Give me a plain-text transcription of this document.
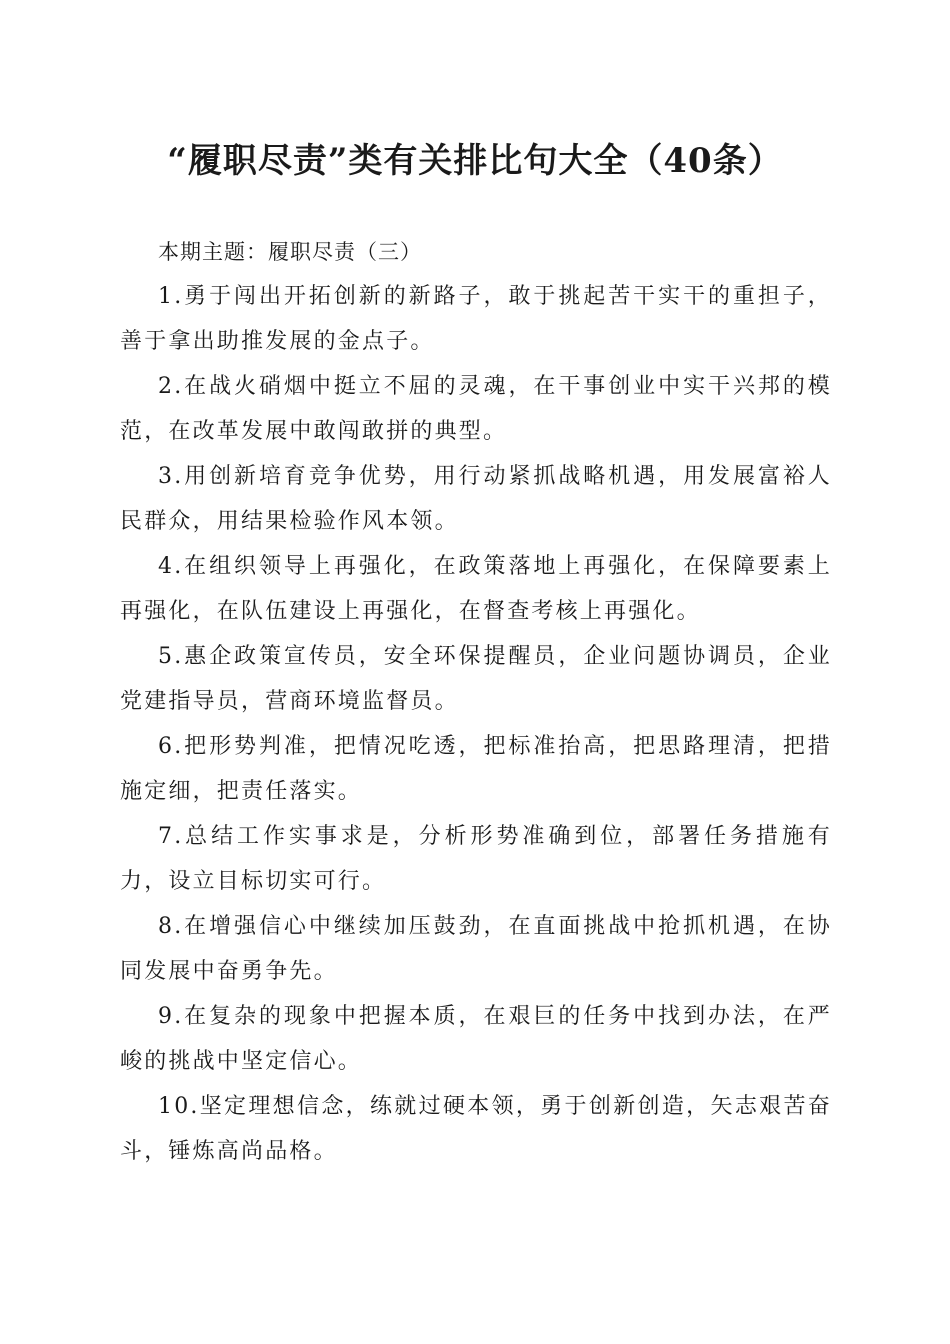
“履职尽责”类有关排比句大全（40条）

本期主题：履职尽责（三）

1.勇于闯出开拓创新的新路子，敢于挑起苦干实干的重担子，善于拿出助推发展的金点子。

2.在战火硝烟中挺立不屈的灵魂，在干事创业中实干兴邦的模范，在改革发展中敢闯敢拼的典型。

3.用创新培育竞争优势，用行动紧抓战略机遇，用发展富裕人民群众，用结果检验作风本领。

4.在组织领导上再强化，在政策落地上再强化，在保障要素上再强化，在队伍建设上再强化，在督查考核上再强化。

5.惠企政策宣传员，安全环保提醒员，企业问题协调员，企业党建指导员，营商环境监督员。

6.把形势判准，把情况吃透，把标准抬高，把思路理清，把措施定细，把责任落实。

7.总结工作实事求是，分析形势准确到位，部署任务措施有力，设立目标切实可行。

8.在增强信心中继续加压鼓劲，在直面挑战中抢抓机遇，在协同发展中奋勇争先。

9.在复杂的现象中把握本质，在艰巨的任务中找到办法，在严峻的挑战中坚定信心。

10.坚定理想信念，练就过硬本领，勇于创新创造，矢志艰苦奋斗，锤炼高尚品格。
